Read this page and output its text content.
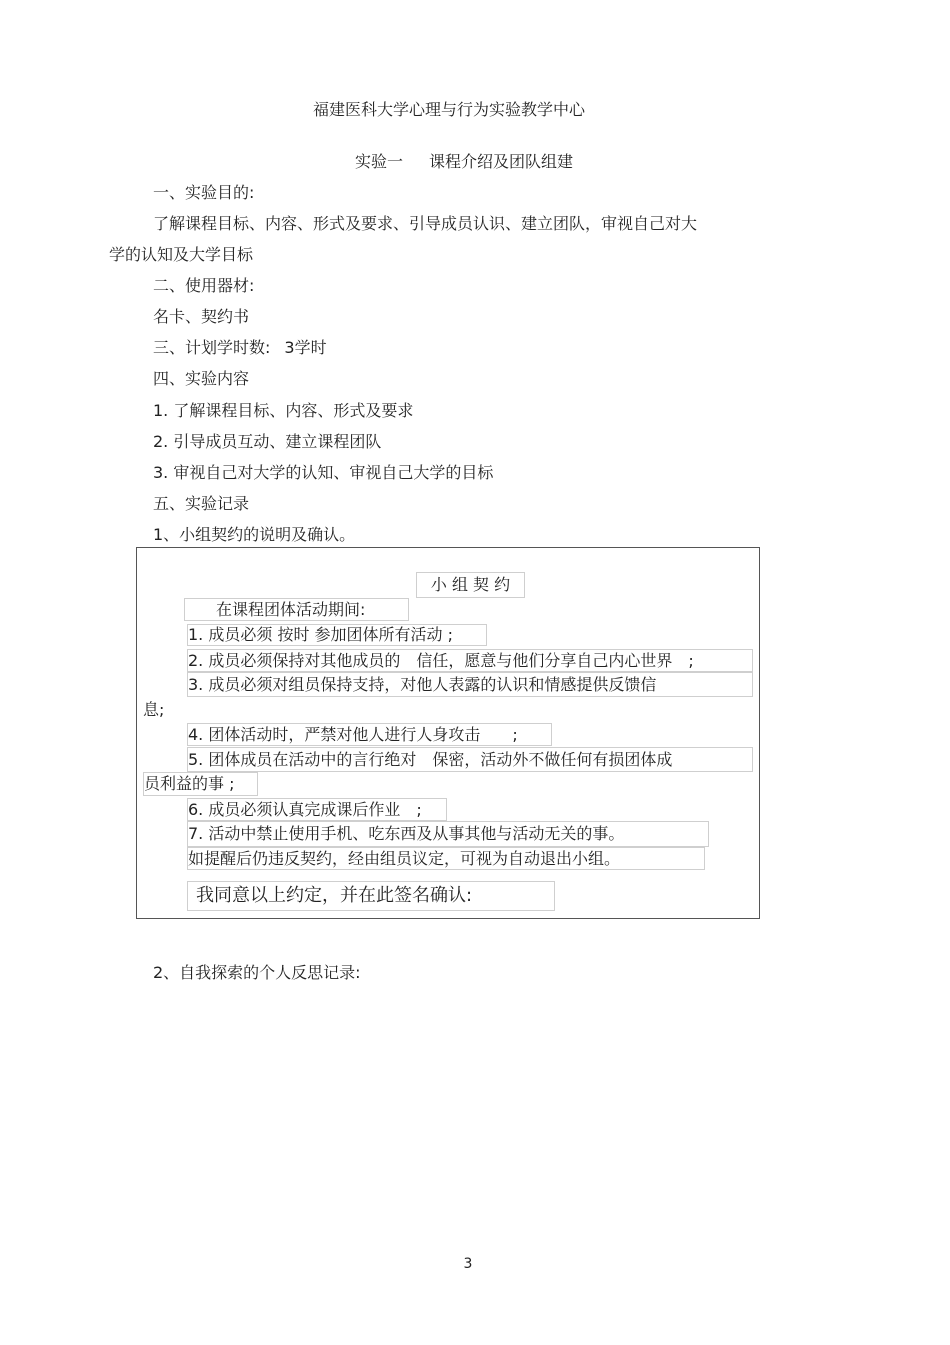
福建医科大学心理与行为实验教学中心
实验一 课程介绍及团队组建
一、实验目的:
了解课程目标、内容、形式及要求、引导成员认识、建立团队，审视自己对大
学的认知及大学目标
二、使用器材:
名卡、契约书
三、计划学时数: 3学时
四、实验内容
1. 了解课程目标、内容、形式及要求
2. 引导成员互动、建立课程团队
3. 审视自己对大学的认知、审视自己大学的目标
五、实验记录
1、小组契约的说明及确认。
小 组 契 约
在课程团体活动期间:
1. 成员必须 按时 参加团体所有活动 ;
2. 成员必须保持对其他成员的　信任，愿意与他们分享自己内心世界　;
3. 成员必须对组员保持支持，对他人表露的认识和情感提供反馈信
息;
4. 团体活动时，严禁对他人进行人身攻击　　;
5. 团体成员在活动中的言行绝对　保密，活动外不做任何有损团体成
员利益的事 ;
6. 成员必须认真完成课后作业　;
7. 活动中禁止使用手机、吃东西及从事其他与活动无关的事。
如提醒后仍违反契约，经由组员议定，可视为自动退出小组。
我同意以上约定，并在此签名确认:
2、自我探索的个人反思记录:
3
